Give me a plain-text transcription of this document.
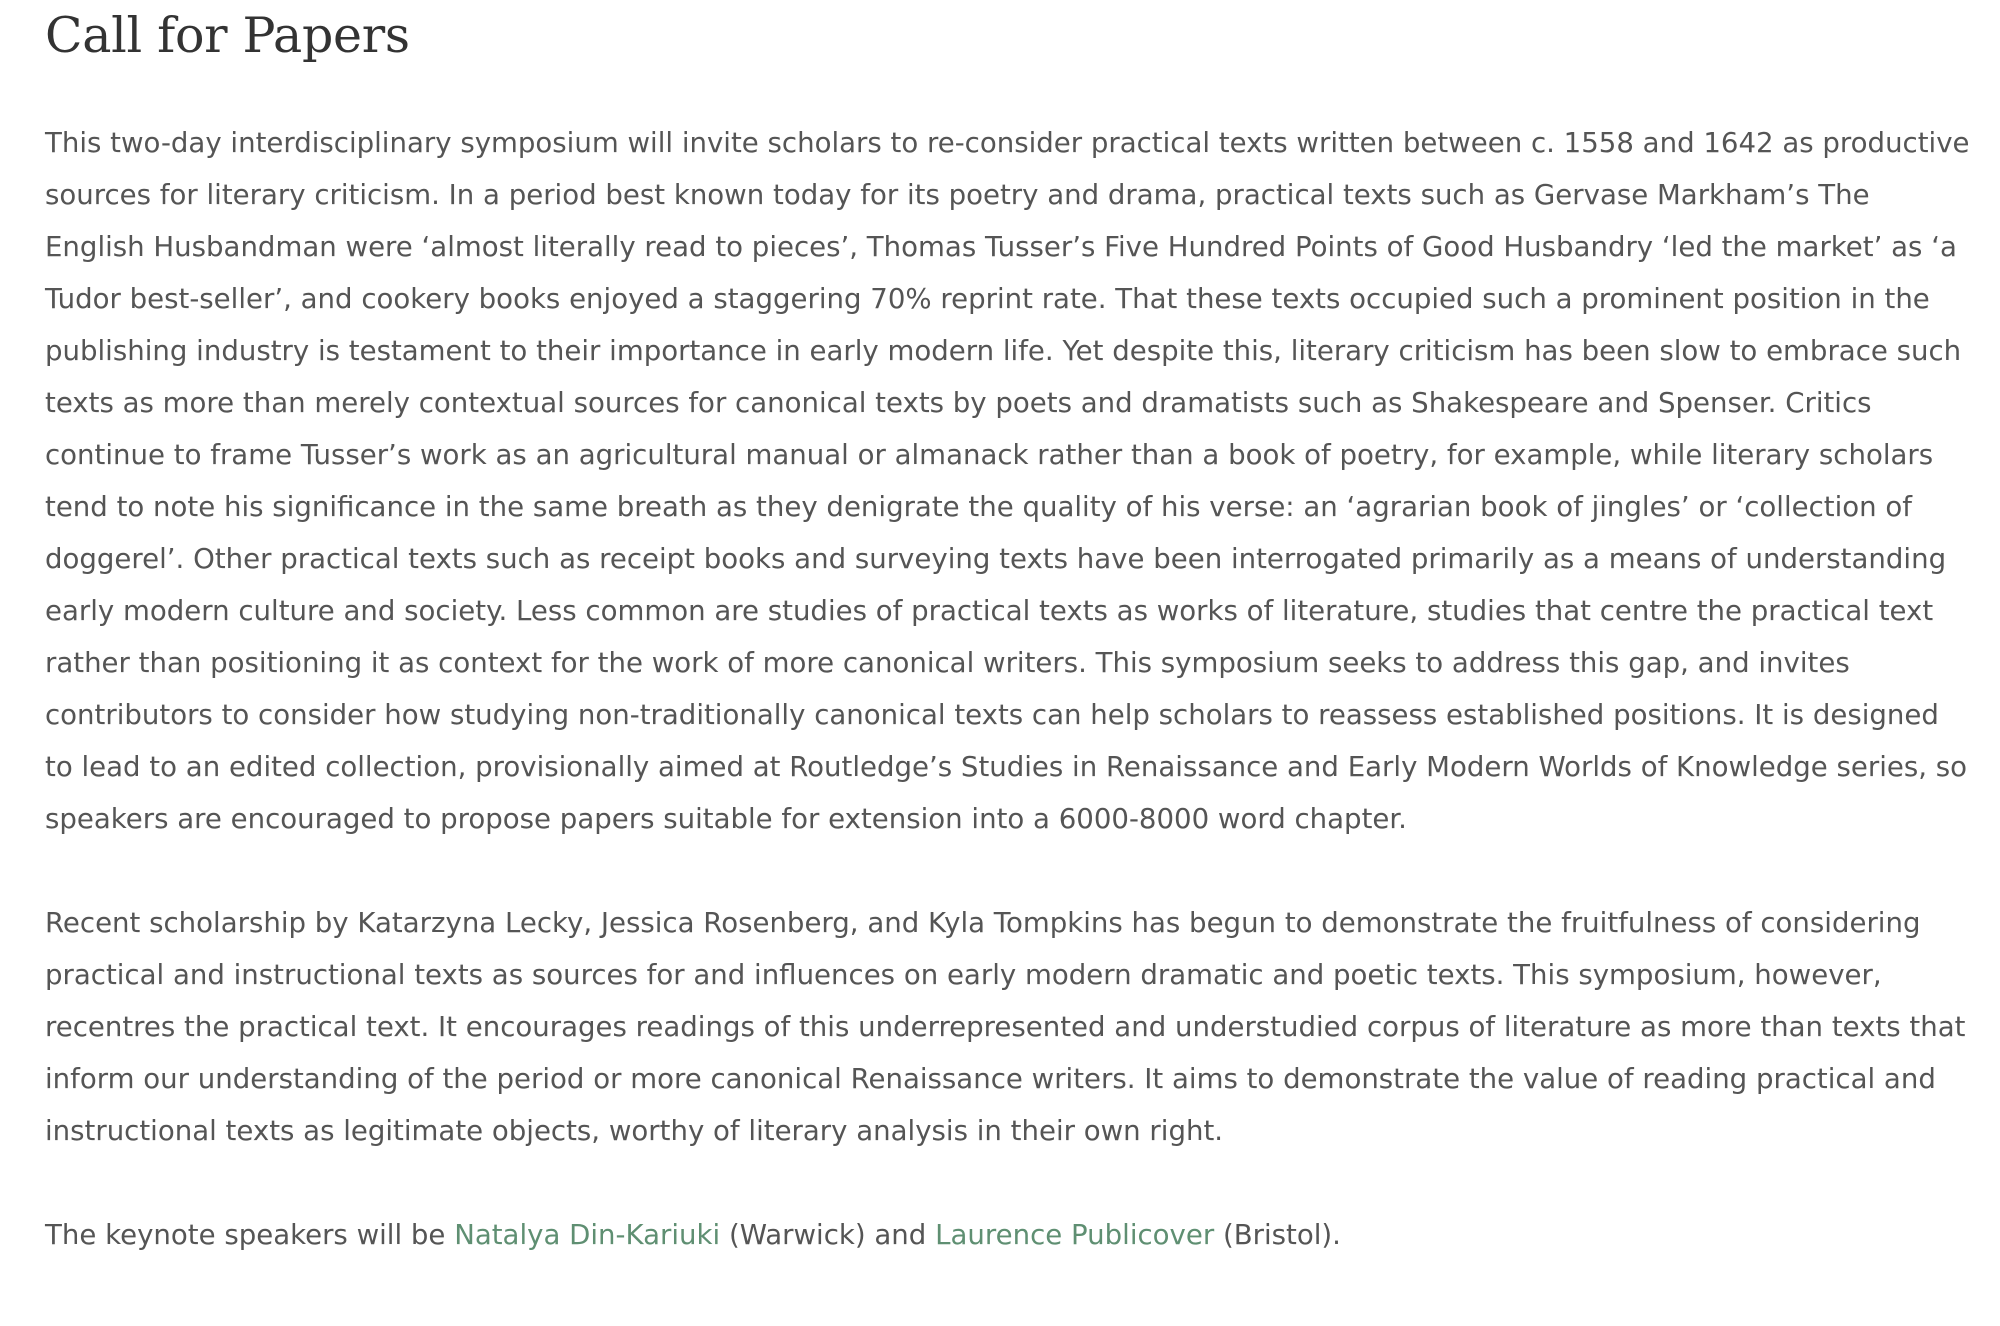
Call for Papers

This two-day interdisciplinary symposium will invite scholars to re-consider practical texts written between c. 1558 and 1642 as productive sources for literary criticism. In a period best known today for its poetry and drama, practical texts such as Gervase Markham’s The English Husbandman were ‘almost literally read to pieces’, Thomas Tusser’s Five Hundred Points of Good Husbandry ‘led the market’ as ‘a Tudor best-seller’, and cookery books enjoyed a staggering 70% reprint rate. That these texts occupied such a prominent position in the publishing industry is testament to their importance in early modern life. Yet despite this, literary criticism has been slow to embrace such texts as more than merely contextual sources for canonical texts by poets and dramatists such as Shakespeare and Spenser. Critics continue to frame Tusser’s work as an agricultural manual or almanack rather than a book of poetry, for example, while literary scholars tend to note his significance in the same breath as they denigrate the quality of his verse: an ‘agrarian book of jingles’ or ‘collection of doggerel’. Other practical texts such as receipt books and surveying texts have been interrogated primarily as a means of understanding early modern culture and society. Less common are studies of practical texts as works of literature, studies that centre the practical text rather than positioning it as context for the work of more canonical writers. This symposium seeks to address this gap, and invites contributors to consider how studying non-traditionally canonical texts can help scholars to reassess established positions. It is designed to lead to an edited collection, provisionally aimed at Routledge’s Studies in Renaissance and Early Modern Worlds of Knowledge series, so speakers are encouraged to propose papers suitable for extension into a 6000-8000 word chapter.

Recent scholarship by Katarzyna Lecky, Jessica Rosenberg, and Kyla Tompkins has begun to demonstrate the fruitfulness of considering practical and instructional texts as sources for and influences on early modern dramatic and poetic texts. This symposium, however, recentres the practical text. It encourages readings of this underrepresented and understudied corpus of literature as more than texts that inform our understanding of the period or more canonical Renaissance writers. It aims to demonstrate the value of reading practical and instructional texts as legitimate objects, worthy of literary analysis in their own right.

The keynote speakers will be Natalya Din-Kariuki (Warwick) and Laurence Publicover (Bristol).
